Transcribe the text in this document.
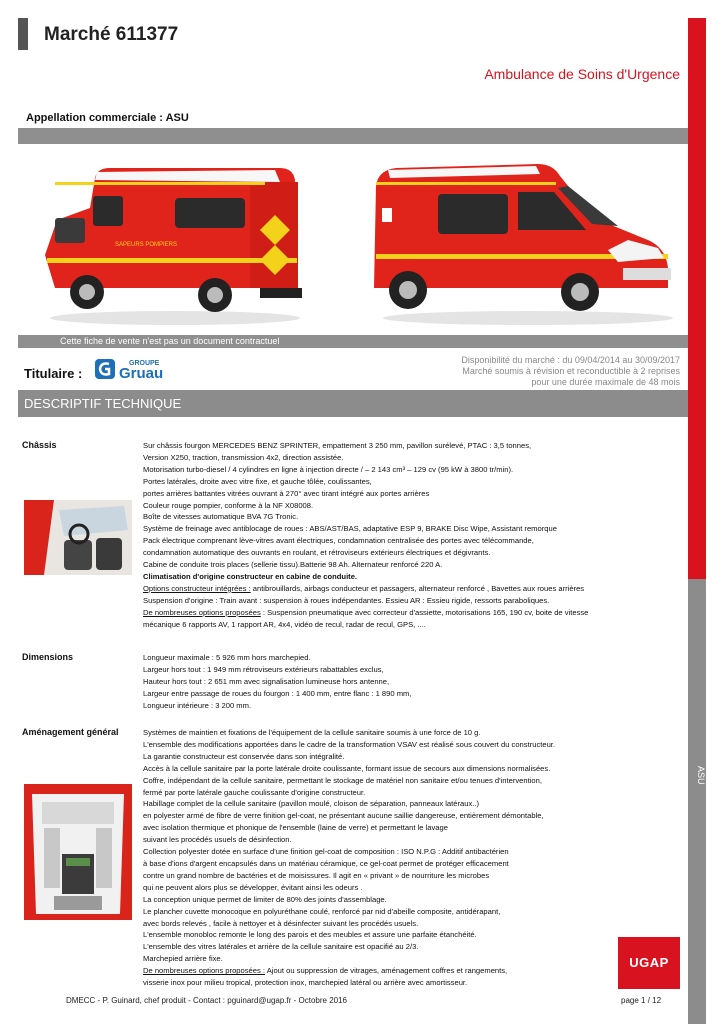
Marché 611377
ASU
Ambulance de Soins d'Urgence
Appellation commerciale : ASU
SAPEURS POMPIERS
Cette fiche de vente n'est pas un document contractuel
Titulaire :
GROUPE
Gruau
Disponibilité du marché : du 09/04/2014 au 30/09/2017
Marché soumis à révision et reconductible à 2 reprises
pour une durée maximale de 48 mois
DESCRIPTIF TECHNIQUE
Châssis	Sur châssis fourgon MERCEDES BENZ SPRINTER, empattement 3 250 mm, pavillon surélevé, PTAC : 3,5 tonnes,
Version X250, traction, transmission 4x2, direction assistée.
Motorisation turbo-diesel / 4 cylindres en ligne à injection directe / – 2 143 cm³ – 129 cv (95 kW à 3800 tr/min).
Portes latérales, droite avec vitre fixe, et gauche tôlée, coulissantes,
portes arrières battantes vitrées ouvrant à 270° avec tirant intégré aux portes arrières
Couleur rouge pompier, conforme à la NF X08008.
Boîte de vitesses automatique BVA 7G Tronic.
Système de freinage avec antiblocage de roues : ABS/AST/BAS, adaptative ESP 9, BRAKE Disc Wipe, Assistant remorque
Pack électrique comprenant lève-vitres avant électriques, condamnation centralisée des portes avec télécommande,
condamnation automatique des ouvrants en roulant, et rétroviseurs extérieurs électriques et dégivrants.
Cabine de conduite trois places (sellerie tissu).Batterie 98 Ah. Alternateur renforcé 220 A.
Climatisation d'origine constructeur en cabine de conduite.
Options constructeur intégrées : antibrouillards, airbags conducteur et passagers, alternateur renforcé , Bavettes aux roues arrières
Suspension d'origine : Train avant : suspension à roues indépendantes. Essieu AR : Essieu rigide, ressorts paraboliques.
De nombreuses options proposées : Suspension pneumatique avec correcteur d'assiette, motorisations 165, 190 cv, boite de vitesse
mécanique 6 rapports AV, 1 rapport AR, 4x4, vidéo de recul, radar de recul, GPS, ....
Dimensions	Longueur maximale : 5 926 mm hors marchepied.
Largeur hors tout : 1 949 mm rétroviseurs extérieurs rabattables exclus,
Hauteur hors tout : 2 651 mm avec signalisation lumineuse hors antenne,
Largeur entre passage de roues du fourgon : 1 400 mm, entre flanc : 1 890 mm,
Longueur intérieure : 3 200 mm.
Aménagement général	Systèmes de maintien et fixations de l'équipement de la cellule sanitaire soumis à une force de 10 g.
L'ensemble des modifications apportées dans le cadre de la transformation VSAV est réalisé sous couvert du constructeur.
La garantie constructeur est conservée dans son intégralité.
Accès à la cellule sanitaire par la porte latérale droite coulissante, formant issue de secours aux dimensions normalisées.
Coffre, indépendant de la cellule sanitaire, permettant le stockage de matériel non sanitaire et/ou tenues d'intervention,
fermé par porte latérale gauche coulissante d'origine constructeur.
Habillage complet de la cellule sanitaire (pavillon moulé, cloison de séparation, panneaux latéraux..)
en polyester armé de fibre de verre finition gel-coat, ne présentant aucune saillie dangereuse, entièrement démontable,
avec isolation thermique et phonique de l'ensemble (laine de verre) et permettant le lavage
suivant les procédés usuels de désinfection.
Collection polyester dotée en surface d'une finition gel-coat de composition : ISO N.P.G : Additif antibactérien
à base d'ions d'argent encapsulés dans un matériau céramique, ce gel-coat permet de protéger efficacement
contre un grand nombre de bactéries et de moisissures. Il agit en « privant » de nourriture les microbes
qui ne peuvent alors plus se développer, évitant ainsi les odeurs .
La conception unique permet de limiter de 80% des joints d'assemblage.
Le plancher cuvette monocoque en polyuréthane coulé, renforcé par nid d'abeille composite, antidérapant,
avec bords relevés , facile à nettoyer et à désinfecter suivant les procédés usuels.
L'ensemble monobloc remonte le long des parois et des meubles et assure une parfaite étanchéité.
L'ensemble des vitres latérales et arrière de la cellule sanitaire est opacifié au 2/3.
Marchepied arrière fixe.
De nombreuses options proposées : Ajout ou suppression de vitrages, aménagement coffres et rangements,
visserie inox pour milieu tropical, protection inox, marchepied latéral ou arrière avec amortisseur.
UGAP
DMECC - P. Guinard, chef produit - Contact : pguinard@ugap.fr - Octobre 2016	page 1 / 12
